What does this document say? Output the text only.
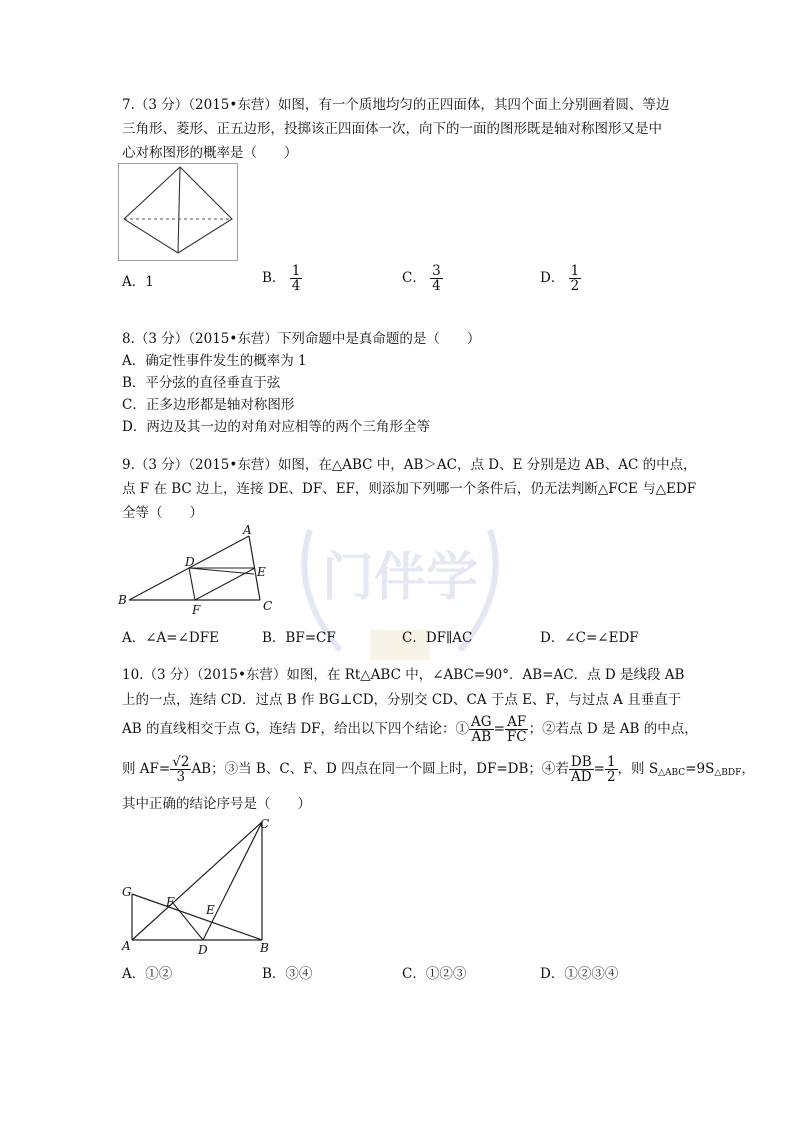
门伴学
7.（3 分）（2015•东营）如图，有一个质地均匀的正四面体，其四个面上分别画着圆、等边
三角形、菱形、正五边形，投掷该正四面体一次，向下的一面的图形既是轴对称图形又是中
心对称图形的概率是（　　）
A．1	B． $\frac{1}{4}$	C． $\frac{3}{4}$	D． $\frac{1}{2}$
8.（3 分）（2015•东营）下列命题中是真命题的是（　　）
A．确定性事件发生的概率为 1
B．平分弦的直径垂直于弦
C．正多边形都是轴对称图形
D．两边及其一边的对角对应相等的两个三角形全等
9.（3 分）（2015•东营）如图，在△ABC 中，AB＞AC，点 D、E 分别是边 AB、AC 的中点，
点 F 在 BC 边上，连接 DE、DF、EF，则添加下列哪一个条件后，仍无法判断△FCE 与△EDF
全等（　　）
A
B	C
D
E
F
A．∠A=∠DFE	B．BF=CF	C．DF∥AC	D．∠C=∠EDF
10.（3 分）（2015•东营）如图，在 Rt△ABC 中，∠ABC=90°．AB=AC．点 D 是线段 AB
上的一点，连结 CD．过点 B 作 BG⊥CD，分别交 CD、CA 于点 E、F，与过点 A 且垂直于
AB 的直线相交于点 G，连结 DF，给出以下四个结论：① $\frac{AG}{AB} = \frac{AF}{FC}$ ；②若点 D 是 AB 的中点，
则 $AF= \frac{√2}{3}$ AB；③当 B、C、F、D 四点在同一个圆上时，DF=DB；④若 $\frac{DB}{AD} = \frac{1}{2}$ ，则 $S_{\triangle ABC}=9S_{\triangle BDF}$，
其中正确的结论序号是（　　）
C
G
F
E
A	D	B
A．①②	B．③④	C．①②③	D．①②③④
